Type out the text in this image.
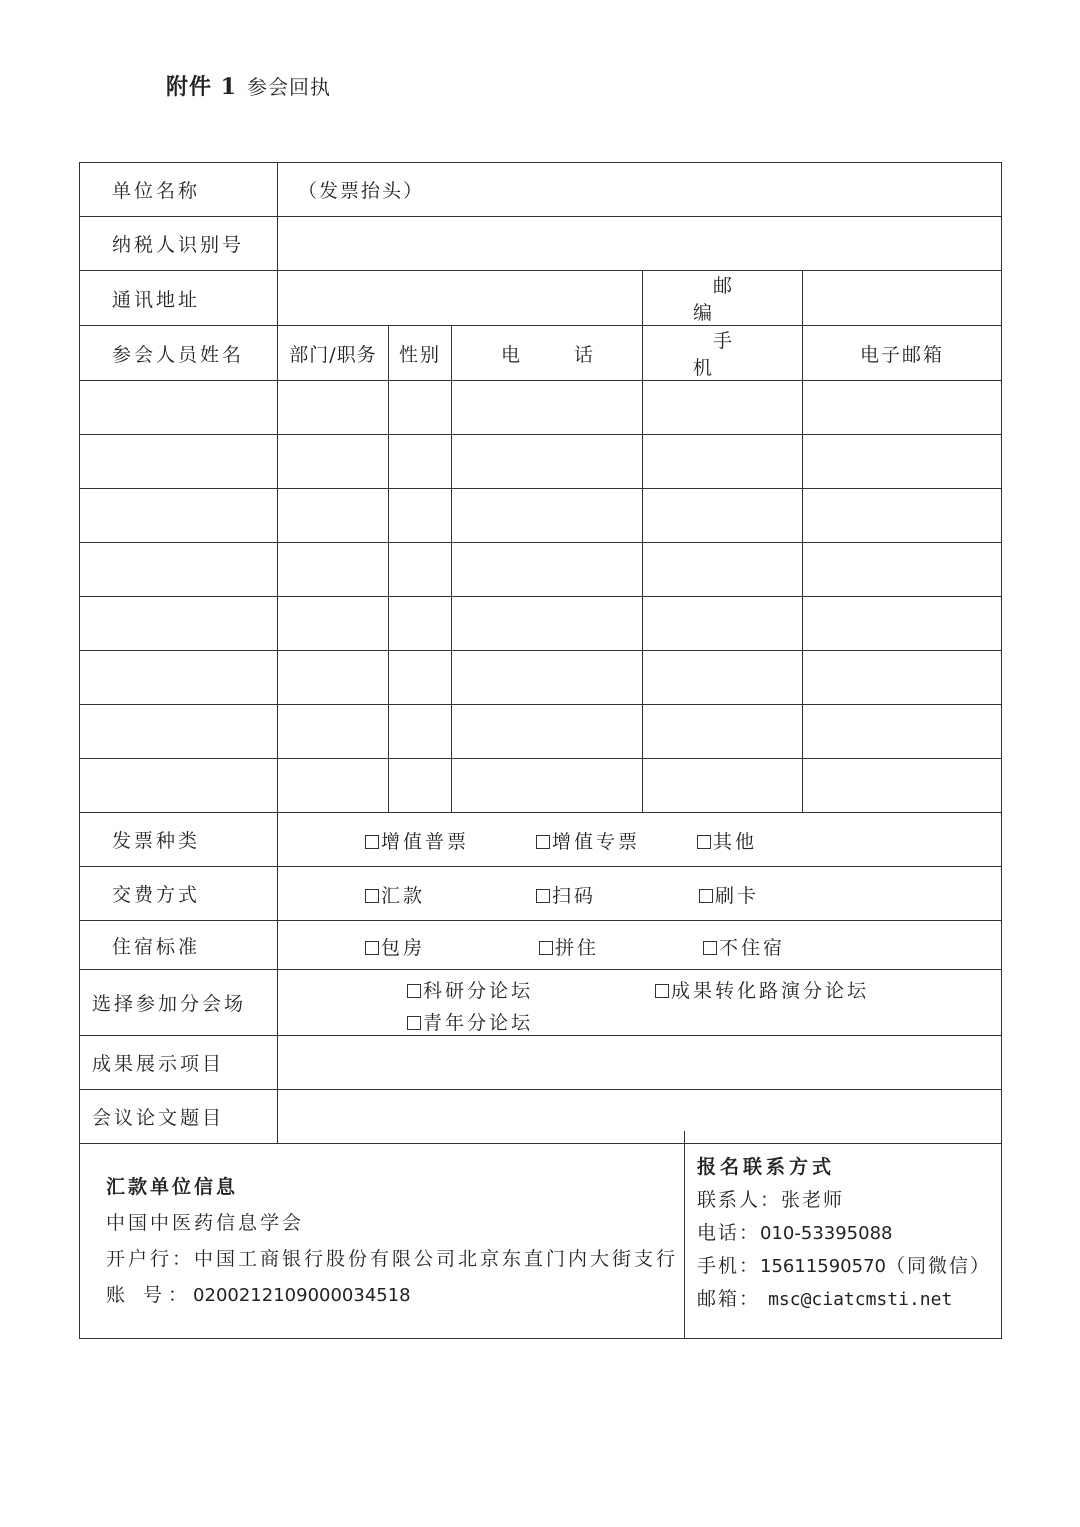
附件 1 参会回执
单位名称	（发票抬头）				
纳税人识别号					
通讯地址				邮 编	
参会人员姓名	部门/职务	性别	电 话	手 机	电子邮箱

发票种类	增值普票 增值专票 其他				

交费方式	汇款 扫码 刷卡				

住宿标准	包房 拼住 不住宿				

选择参加分会场	科研分论坛 成果转化路演分论坛
青年分论坛				

成果展示项目					
会议论文题目					
汇款单位信息
中国中医药信息学会
开户行：中国工商银行股份有限公司北京东直门内大街支行
账 号：0200212109000034518

报名联系方式
联系人：张老师
电话：010-53395088
手机：15611590570（同微信）
邮箱： msc@ciatcmsti.net
